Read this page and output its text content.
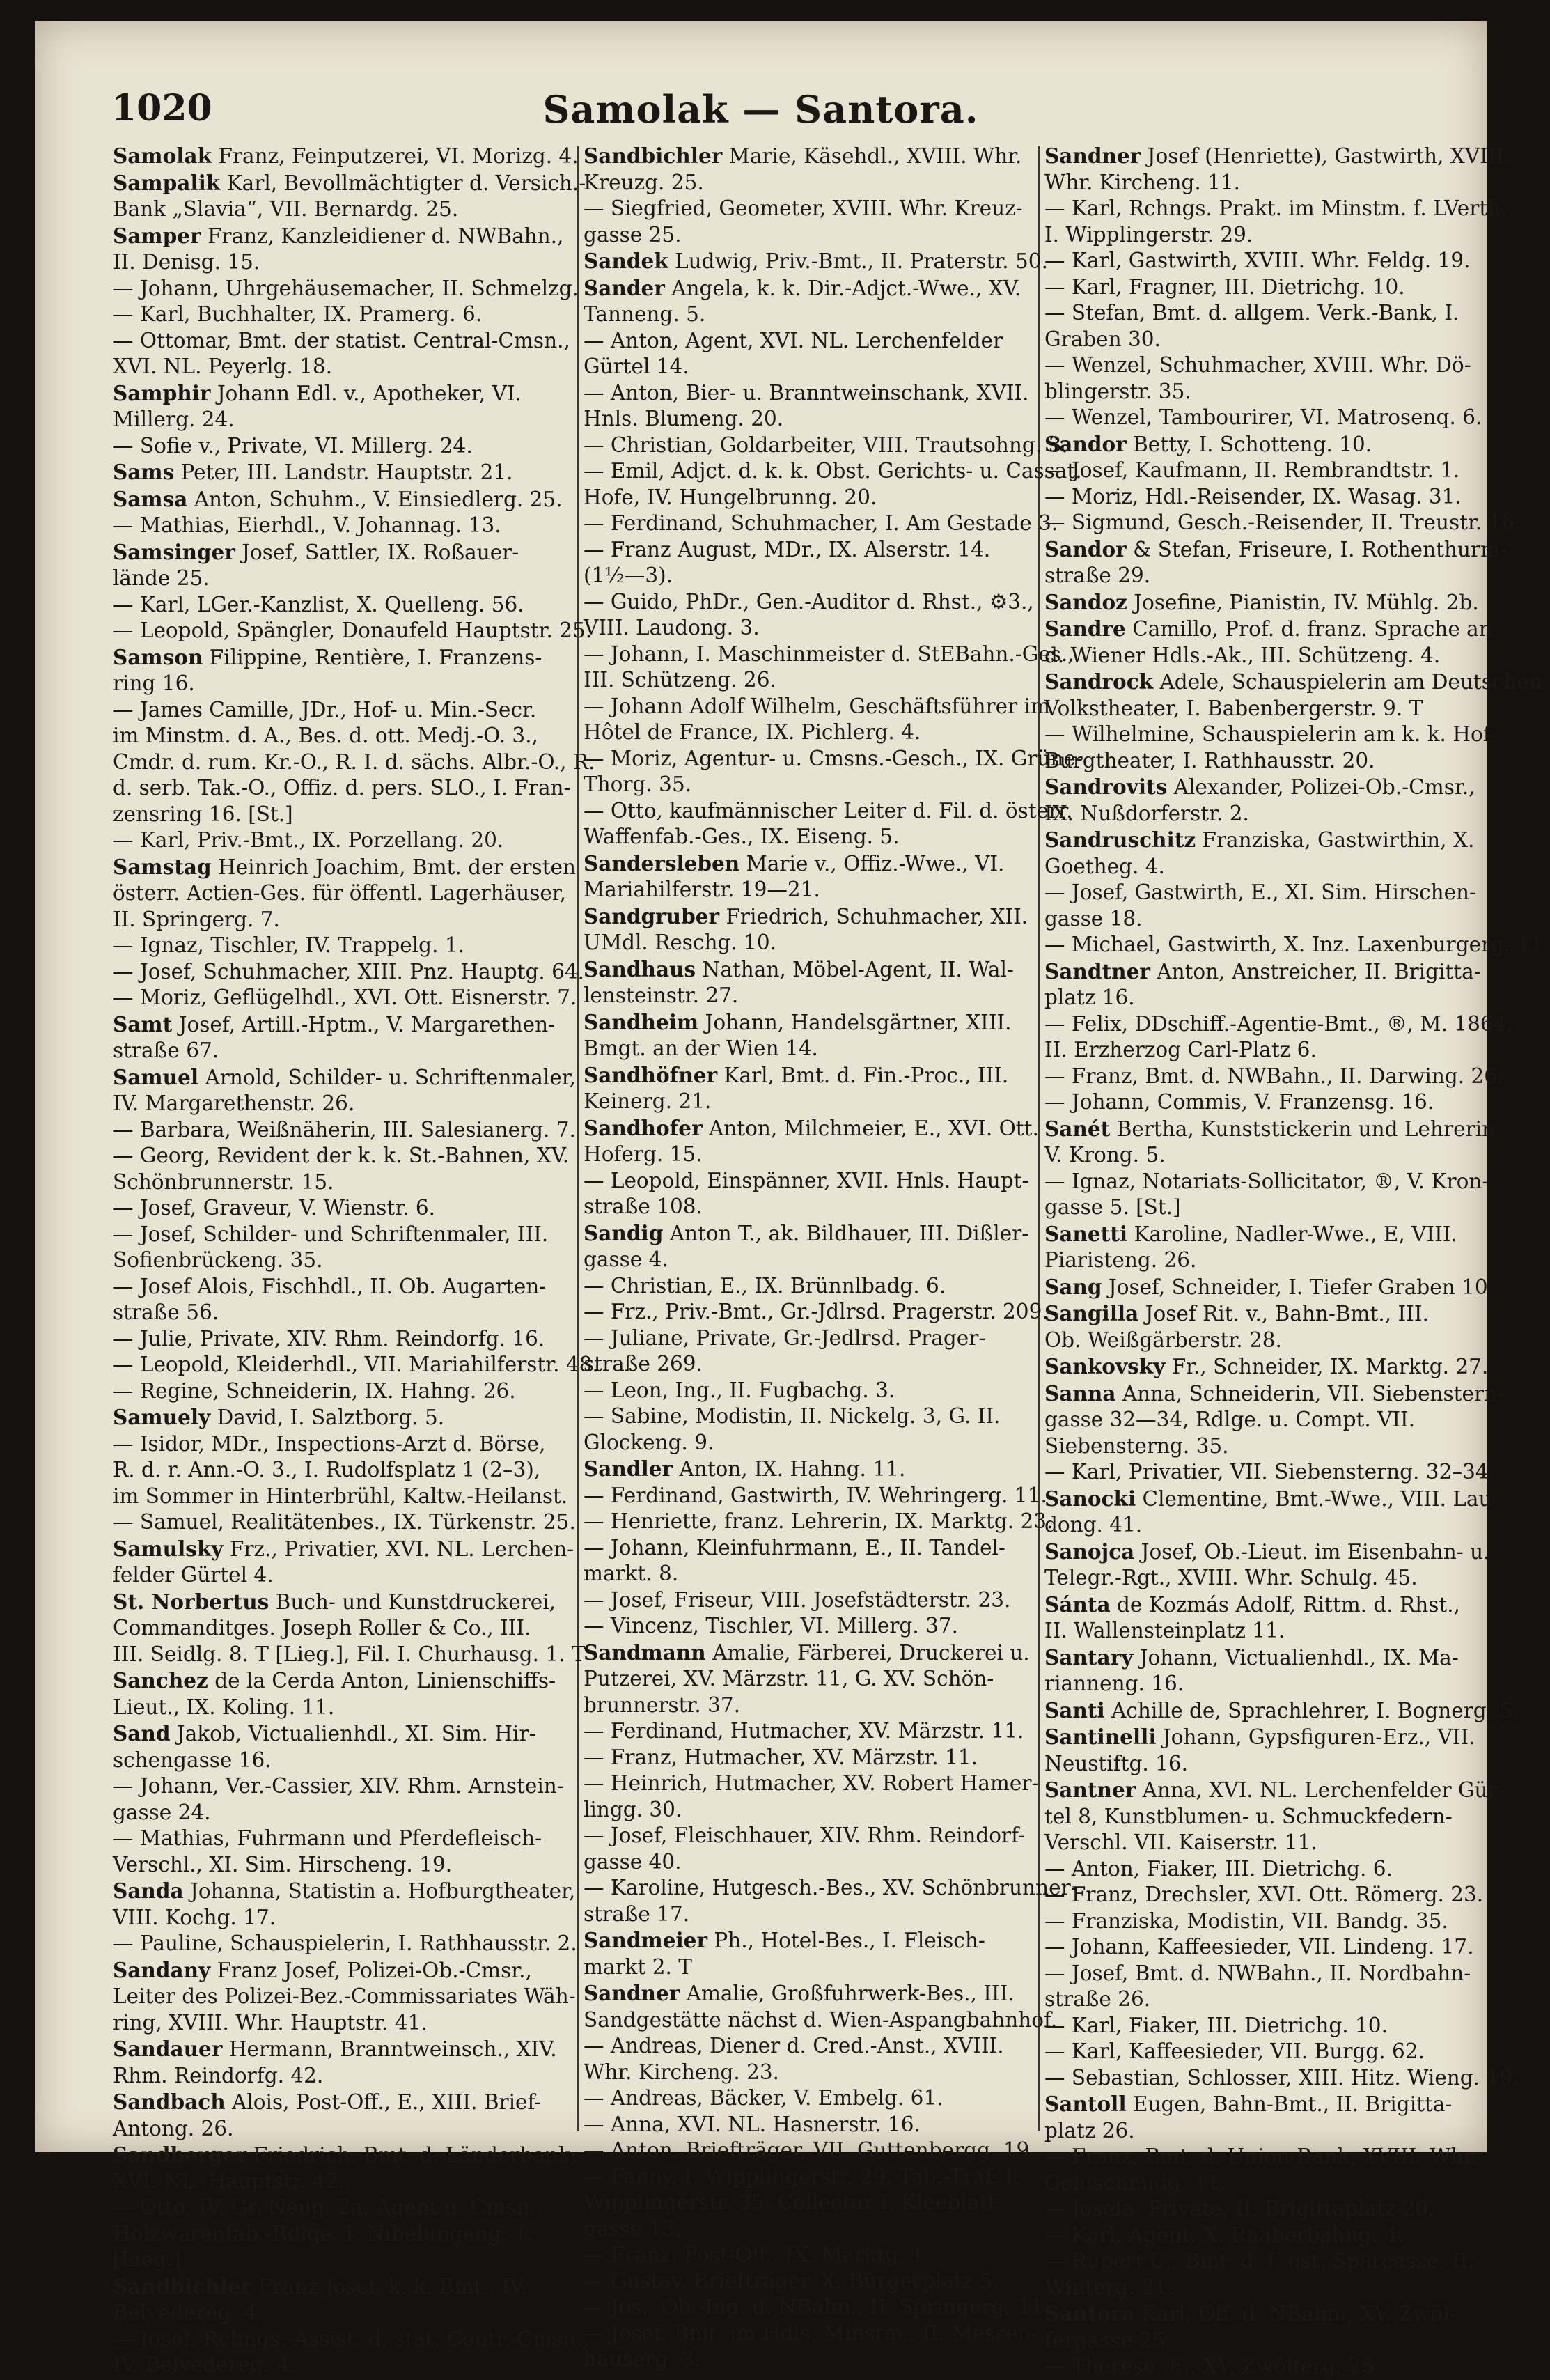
1020	Samolak — Santora.
Samolak Franz, Feinputzerei, VI. Morizg. 4.
Sampalik Karl, Bevollmächtigter d. Versich.-
Bank „Slavia“, VII. Bernardg. 25.
Samper Franz, Kanzleidiener d. NWBahn.,
II. Denisg. 15.
— Johann, Uhrgehäusemacher, II. Schmelzg. 3.
— Karl, Buchhalter, IX. Pramerg. 6.
— Ottomar, Bmt. der statist. Central-Cmsn.,
XVI. NL. Peyerlg. 18.
Samphir Johann Edl. v., Apotheker, VI.
Millerg. 24.
— Sofie v., Private, VI. Millerg. 24.
Sams Peter, III. Landstr. Hauptstr. 21.
Samsa Anton, Schuhm., V. Einsiedlerg. 25.
— Mathias, Eierhdl., V. Johannag. 13.
Samsinger Josef, Sattler, IX. Roßauer-
lände 25.
— Karl, LGer.-Kanzlist, X. Quelleng. 56.
— Leopold, Spängler, Donaufeld Hauptstr. 25.
Samson Filippine, Rentière, I. Franzens-
ring 16.
— James Camille, JDr., Hof- u. Min.-Secr.
im Minstm. d. A., Bes. d. ott. Medj.-O. 3.,
Cmdr. d. rum. Kr.-O., R. I. d. sächs. Albr.-O., R.
d. serb. Tak.-O., Offiz. d. pers. SLO., I. Fran-
zensring 16. [St.]
— Karl, Priv.-Bmt., IX. Porzellang. 20.
Samstag Heinrich Joachim, Bmt. der ersten
österr. Actien-Ges. für öffentl. Lagerhäuser,
II. Springerg. 7.
— Ignaz, Tischler, IV. Trappelg. 1.
— Josef, Schuhmacher, XIII. Pnz. Hauptg. 64.
— Moriz, Geflügelhdl., XVI. Ott. Eisnerstr. 7.
Samt Josef, Artill.-Hptm., V. Margarethen-
straße 67.
Samuel Arnold, Schilder- u. Schriftenmaler,
IV. Margarethenstr. 26.
— Barbara, Weißnäherin, III. Salesianerg. 7.
— Georg, Revident der k. k. St.-Bahnen, XV.
Schönbrunnerstr. 15.
— Josef, Graveur, V. Wienstr. 6.
— Josef, Schilder- und Schriftenmaler, III.
Sofienbrückeng. 35.
— Josef Alois, Fischhdl., II. Ob. Augarten-
straße 56.
— Julie, Private, XIV. Rhm. Reindorfg. 16.
— Leopold, Kleiderhdl., VII. Mariahilferstr. 48.
— Regine, Schneiderin, IX. Hahng. 26.
Samuely David, I. Salztborg. 5.
— Isidor, MDr., Inspections-Arzt d. Börse,
R. d. r. Ann.-O. 3., I. Rudolfsplatz 1 (2–3),
im Sommer in Hinterbrühl, Kaltw.-Heilanst.
— Samuel, Realitätenbes., IX. Türkenstr. 25.
Samulsky Frz., Privatier, XVI. NL. Lerchen-
felder Gürtel 4.
St. Norbertus Buch- und Kunstdruckerei,
Commanditges. Joseph Roller & Co., III.
III. Seidlg. 8. T [Lieg.], Fil. I. Churhausg. 1. T
Sanchez de la Cerda Anton, Linienschiffs-
Lieut., IX. Koling. 11.
Sand Jakob, Victualienhdl., XI. Sim. Hir-
schengasse 16.
— Johann, Ver.-Cassier, XIV. Rhm. Arnstein-
gasse 24.
— Mathias, Fuhrmann und Pferdefleisch-
Verschl., XI. Sim. Hirscheng. 19.
Sanda Johanna, Statistin a. Hofburgtheater,
VIII. Kochg. 17.
— Pauline, Schauspielerin, I. Rathhausstr. 2.
Sandany Franz Josef, Polizei-Ob.-Cmsr.,
Leiter des Polizei-Bez.-Commissariates Wäh-
ring, XVIII. Whr. Hauptstr. 41.
Sandauer Hermann, Branntweinsch., XIV.
Rhm. Reindorfg. 42.
Sandbach Alois, Post-Off., E., XIII. Brief-
Antong. 26.
Sandberger Friedrich, Bmt. d. Länderbank,
XVI. NL. Hauptstr. 42.
— Otto, IV. Gr. Neug. 2a, Agent u. Cmsn.,
Holzwarenfab.-Rdlge. I. Nibelungeng. 1.
[Lieg.]
Sandbichler Franz Josef, k. k. Bmt., IV.
Belvedereg. 4.
— Josef, Rchngs.-Assist. d. stat. Centr.-Cmsn.,
IV. Belvedereg. 4.
Sandbichler Marie, Käsehdl., XVIII. Whr.
Kreuzg. 25.
— Siegfried, Geometer, XVIII. Whr. Kreuz-
gasse 25.
Sandek Ludwig, Priv.-Bmt., II. Praterstr. 50.
Sander Angela, k. k. Dir.-Adjct.-Wwe., XV.
Tanneng. 5.
— Anton, Agent, XVI. NL. Lerchenfelder
Gürtel 14.
— Anton, Bier- u. Branntweinschank, XVII.
Hnls. Blumeng. 20.
— Christian, Goldarbeiter, VIII. Trautsohng. 3.
— Emil, Adjct. d. k. k. Obst. Gerichts- u. Cassat.
Hofe, IV. Hungelbrunng. 20.
— Ferdinand, Schuhmacher, I. Am Gestade 3.
— Franz August, MDr., IX. Alserstr. 14.
(1½—3).
— Guido, PhDr., Gen.-Auditor d. Rhst., ⚙3.,
VIII. Laudong. 3.
— Johann, I. Maschinmeister d. StEBahn.-Ges.,
III. Schützeng. 26.
— Johann Adolf Wilhelm, Geschäftsführer im
Hôtel de France, IX. Pichlerg. 4.
— Moriz, Agentur- u. Cmsns.-Gesch., IX. Grüne-
Thorg. 35.
— Otto, kaufmännischer Leiter d. Fil. d. österr.
Waffenfab.-Ges., IX. Eiseng. 5.
Sandersleben Marie v., Offiz.-Wwe., VI.
Mariahilferstr. 19—21.
Sandgruber Friedrich, Schuhmacher, XII.
UMdl. Reschg. 10.
Sandhaus Nathan, Möbel-Agent, II. Wal-
lensteinstr. 27.
Sandheim Johann, Handelsgärtner, XIII.
Bmgt. an der Wien 14.
Sandhöfner Karl, Bmt. d. Fin.-Proc., III.
Keinerg. 21.
Sandhofer Anton, Milchmeier, E., XVI. Ott.
Hoferg. 15.
— Leopold, Einspänner, XVII. Hnls. Haupt-
straße 108.
Sandig Anton T., ak. Bildhauer, III. Dißler-
gasse 4.
— Christian, E., IX. Brünnlbadg. 6.
— Frz., Priv.-Bmt., Gr.-Jdlrsd. Pragerstr. 209.
— Juliane, Private, Gr.-Jedlrsd. Prager-
straße 269.
— Leon, Ing., II. Fugbachg. 3.
— Sabine, Modistin, II. Nickelg. 3, G. II.
Glockeng. 9.
Sandler Anton, IX. Hahng. 11.
— Ferdinand, Gastwirth, IV. Wehringerg. 11.
— Henriette, franz. Lehrerin, IX. Marktg. 23.
— Johann, Kleinfuhrmann, E., II. Tandel-
markt. 8.
— Josef, Friseur, VIII. Josefstädterstr. 23.
— Vincenz, Tischler, VI. Millerg. 37.
Sandmann Amalie, Färberei, Druckerei u.
Putzerei, XV. Märzstr. 11, G. XV. Schön-
brunnerstr. 37.
— Ferdinand, Hutmacher, XV. Märzstr. 11.
— Franz, Hutmacher, XV. Märzstr. 11.
— Heinrich, Hutmacher, XV. Robert Hamer-
lingg. 30.
— Josef, Fleischhauer, XIV. Rhm. Reindorf-
gasse 40.
— Karoline, Hutgesch.-Bes., XV. Schönbrunner-
straße 17.
Sandmeier Ph., Hotel-Bes., I. Fleisch-
markt 2. T
Sandner Amalie, Großfuhrwerk-Bes., III.
Sandgestätte nächst d. Wien-Aspangbahnhof.
— Andreas, Diener d. Cred.-Anst., XVIII.
Whr. Kircheng. 23.
— Andreas, Bäcker, V. Embelg. 61.
— Anna, XVI. NL. Hasnerstr. 16.
— Anton, Briefträger, VII. Guttenbergg. 19.
— Fanny, I. Wipplingerstr. 29, Tab.-Traf. I.
Wipplingerstr. 35, Collectur I. Kleeblatt-
gasse 13.
— Franz, Post-Off., IX. Marktg. 1.
— Gustav, Briefträger, X. Bürgerplatz 5.
— Jos., Ob.-Ing. d. NBahn., II. Springerg. 11.
— Josef, Bmt. im Hdls. Minstm., II. Messen-
hauserg. 3.
Sandner Josef (Henriette), Gastwirth, XVIII.
Whr. Kircheng. 11.
— Karl, Rchngs. Prakt. im Minstm. f. LVerth.,
I. Wipplingerstr. 29.
— Karl, Gastwirth, XVIII. Whr. Feldg. 19.
— Karl, Fragner, III. Dietrichg. 10.
— Stefan, Bmt. d. allgem. Verk.-Bank, I.
Graben 30.
— Wenzel, Schuhmacher, XVIII. Whr. Dö-
blingerstr. 35.
— Wenzel, Tambourirer, VI. Matrosenq. 6.
Sandor Betty, I. Schotteng. 10.
— Josef, Kaufmann, II. Rembrandtstr. 1.
— Moriz, Hdl.-Reisender, IX. Wasag. 31.
— Sigmund, Gesch.-Reisender, II. Treustr. 16.
Sandor & Stefan, Friseure, I. Rothenthurm-
straße 29.
Sandoz Josefine, Pianistin, IV. Mühlg. 2b.
Sandre Camillo, Prof. d. franz. Sprache an
d. Wiener Hdls.-Ak., III. Schützeng. 4.
Sandrock Adele, Schauspielerin am Deutschen
Volkstheater, I. Babenbergerstr. 9. T
— Wilhelmine, Schauspielerin am k. k. Hof-
Burgtheater, I. Rathhausstr. 20.
Sandrovits Alexander, Polizei-Ob.-Cmsr.,
IX. Nußdorferstr. 2.
Sandruschitz Franziska, Gastwirthin, X.
Goetheg. 4.
— Josef, Gastwirth, E., XI. Sim. Hirschen-
gasse 18.
— Michael, Gastwirth, X. Inz. Laxenburgerg. 11.
Sandtner Anton, Anstreicher, II. Brigitta-
platz 16.
— Felix, DDschiff.-Agentie-Bmt., ®, M. 1864,
II. Erzherzog Carl-Platz 6.
— Franz, Bmt. d. NWBahn., II. Darwing. 26.
— Johann, Commis, V. Franzensg. 16.
Sanét Bertha, Kunststickerin und Lehrerin,
V. Krong. 5.
— Ignaz, Notariats-Sollicitator, ®, V. Kron-
gasse 5. [St.]
Sanetti Karoline, Nadler-Wwe., E, VIII.
Piaristeng. 26.
Sang Josef, Schneider, I. Tiefer Graben 10.
Sangilla Josef Rit. v., Bahn-Bmt., III.
Ob. Weißgärberstr. 28.
Sankovsky Fr., Schneider, IX. Marktg. 27.
Sanna Anna, Schneiderin, VII. Siebenstern-
gasse 32—34, Rdlge. u. Compt. VII.
Siebensterng. 35.
— Karl, Privatier, VII. Siebensterng. 32–34.
Sanocki Clementine, Bmt.-Wwe., VIII. Lau-
dong. 41.
Sanojca Josef, Ob.-Lieut. im Eisenbahn- u.
Telegr.-Rgt., XVIII. Whr. Schulg. 45.
Sánta de Kozmás Adolf, Rittm. d. Rhst.,
II. Wallensteinplatz 11.
Santary Johann, Victualienhdl., IX. Ma-
rianneng. 16.
Santi Achille de, Sprachlehrer, I. Bognerg. 5.
Santinelli Johann, Gypsfiguren-Erz., VII.
Neustiftg. 16.
Santner Anna, XVI. NL. Lerchenfelder Gür-
tel 8, Kunstblumen- u. Schmuckfedern-
Verschl. VII. Kaiserstr. 11.
— Anton, Fiaker, III. Dietrichg. 6.
— Franz, Drechsler, XVI. Ott. Römerg. 23.
— Franziska, Modistin, VII. Bandg. 35.
— Johann, Kaffeesieder, VII. Lindeng. 17.
— Josef, Bmt. d. NWBahn., II. Nordbahn-
straße 26.
— Karl, Fiaker, III. Dietrichg. 10.
— Karl, Kaffeesieder, VII. Burgg. 62.
— Sebastian, Schlosser, XIII. Hitz. Wieng. 19.
Santoll Eugen, Bahn-Bmt., II. Brigitta-
platz 26.
— Franz, Bmt. d. Union-Bank, XVIII. Whr.
Goldschmidg. 11.
— Josefa, Private, II. Brigittaplatz 20.
— Karl, Agent, X. Raaberbahng. 4.
— Rupert C., Bmt. d. I. öst. Sparcasse, II.
Winterg. 21.
Santora Karl, Off. d. NBahn., XV. Zwöl-
fergasse 25.
— Therese, E., XV. Zwölferg. 25.
